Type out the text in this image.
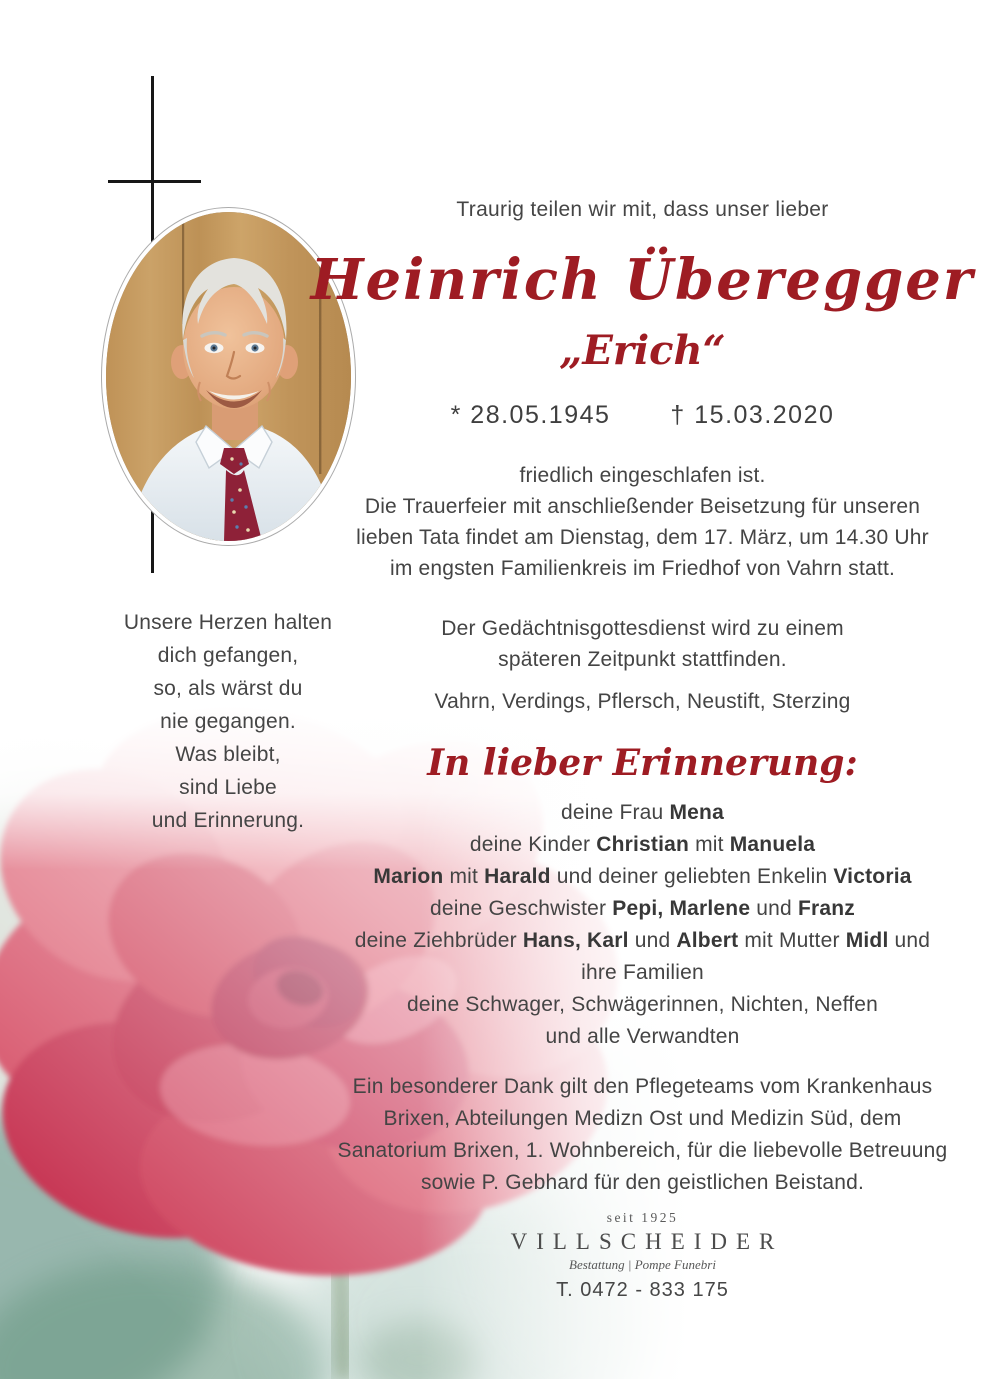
Unsere Herzen halten
dich gefangen,
so, als wärst du
nie gegangen.
Was bleibt,
sind Liebe
und Erinnerung.
Traurig teilen wir mit, dass unser lieber
Heinrich Überegger
„Erich“
* 28.05.1945 † 15.03.2020
friedlich eingeschlafen ist.
Die Trauerfeier mit anschließender Beisetzung für unseren
lieben Tata findet am Dienstag, dem 17. März, um 14.30 Uhr
im engsten Familienkreis im Friedhof von Vahrn statt.
Der Gedächtnisgottesdienst wird zu einem
späteren Zeitpunkt stattfinden.
Vahrn, Verdings, Pflersch, Neustift, Sterzing
In lieber Erinnerung:
deine Frau Mena
deine Kinder Christian mit Manuela
Marion mit Harald und deiner geliebten Enkelin Victoria
deine Geschwister Pepi, Marlene und Franz
deine Ziehbrüder Hans, Karl und Albert mit Mutter Midl und
ihre Familien
deine Schwager, Schwägerinnen, Nichten, Neffen
und alle Verwandten
Ein besonderer Dank gilt den Pflegeteams vom Krankenhaus
Brixen, Abteilungen Medizn Ost und Medizin Süd, dem
Sanatorium Brixen, 1. Wohnbereich, für die liebevolle Betreuung
sowie P. Gebhard für den geistlichen Beistand.
seit 1925
VILLSCHEIDER
Bestattung | Pompe Funebri
T. 0472 - 833 175
